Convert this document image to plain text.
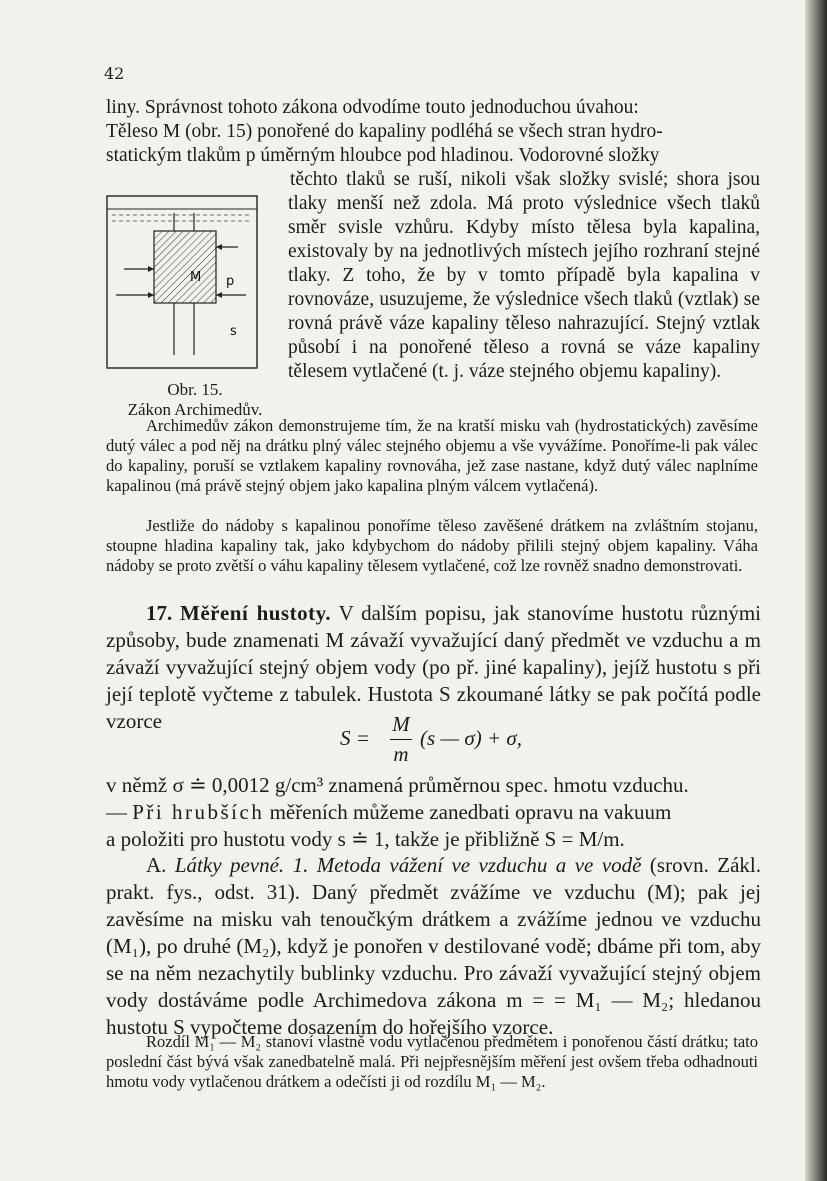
42
liny. Správnost tohoto zákona odvodíme touto jednoduchou úvahou:
Těleso M (obr. 15) ponořené do kapaliny podléhá se všech stran hydro-
statickým tlakům p úměrným hloubce pod hladinou. Vodorovné složky
M p
s
Obr. 15.
Zákon Archimedův.
těchto tlaků se ruší, nikoli však složky svislé; shora jsou tlaky menší než zdola. Má proto výslednice všech tlaků směr svisle vzhůru. Kdyby místo tělesa byla kapalina, existovaly by na jednotlivých místech jejího rozhraní stejné tlaky. Z toho, že by v tomto případě byla kapalina v rovnováze, usuzujeme, že výslednice všech tlaků (vztlak) se rovná právě váze kapaliny těleso nahrazující. Stejný vztlak působí i na ponořené těleso a rovná se váze kapaliny tělesem vytlačené (t. j. váze stejného objemu kapaliny).
Archimedův zákon demonstrujeme tím, že na kratší misku vah (hydrostatických) zavěsíme dutý válec a pod něj na drátku plný válec stejného objemu a vše vyvážíme. Ponoříme-li pak válec do kapaliny, poruší se vztlakem kapaliny rovnováha, jež zase nastane, když dutý válec naplníme kapalinou (má právě stejný objem jako kapalina plným válcem vytlačená).
Jestliže do nádoby s kapalinou ponoříme těleso zavěšené drátkem na zvláštním stojanu, stoupne hladina kapaliny tak, jako kdybychom do nádoby přilili stejný objem kapaliny. Váha nádoby se proto zvětší o váhu kapaliny tělesem vytlačené, což lze rovněž snadno demonstrovati.
17. Měření hustoty. V dalším popisu, jak stanovíme hustotu různými způsoby, bude znamenati M závaží vyvažující daný předmět ve vzduchu a m závaží vyvažující stejný objem vody (po př. jiné kapaliny), jejíž hustotu s při její teplotě vyčteme z tabulek. Hustota S zkoumané látky se pak počítá podle vzorce
S =
M
m
(s — σ) + σ,
v němž σ ≐ 0,0012 g/cm³ znamená průměrnou spec. hmotu vzduchu.
— Při hrubších měřeních můžeme zanedbati opravu na vakuum
a položiti pro hustotu vody s ≐ 1, takže je přibližně S = M/m.
A. Látky pevné. 1. Metoda vážení ve vzduchu a ve vodě (srovn. Zákl. prakt. fys., odst. 31). Daný předmět zvážíme ve vzduchu (M); pak jej zavěsíme na misku vah tenoučkým drátkem a zvážíme jednou ve vzduchu (M₁), po druhé (M₂), když je ponořen v destilované vodě; dbáme při tom, aby se na něm nezachytily bublinky vzduchu. Pro závaží vyvažující stejný objem vody dostáváme podle Archimedova zákona m = = M₁ — M₂; hledanou hustotu S vypočteme dosazením do hořejšího vzorce.
Rozdíl M₁ — M₂ stanoví vlastně vodu vytlačenou předmětem i ponořenou částí drátku; tato poslední část bývá však zanedbatelně malá. Při nejpřesnějším měření jest ovšem třeba odhadnouti hmotu vody vytlačenou drátkem a odečísti ji od rozdílu M₁ — M₂.
